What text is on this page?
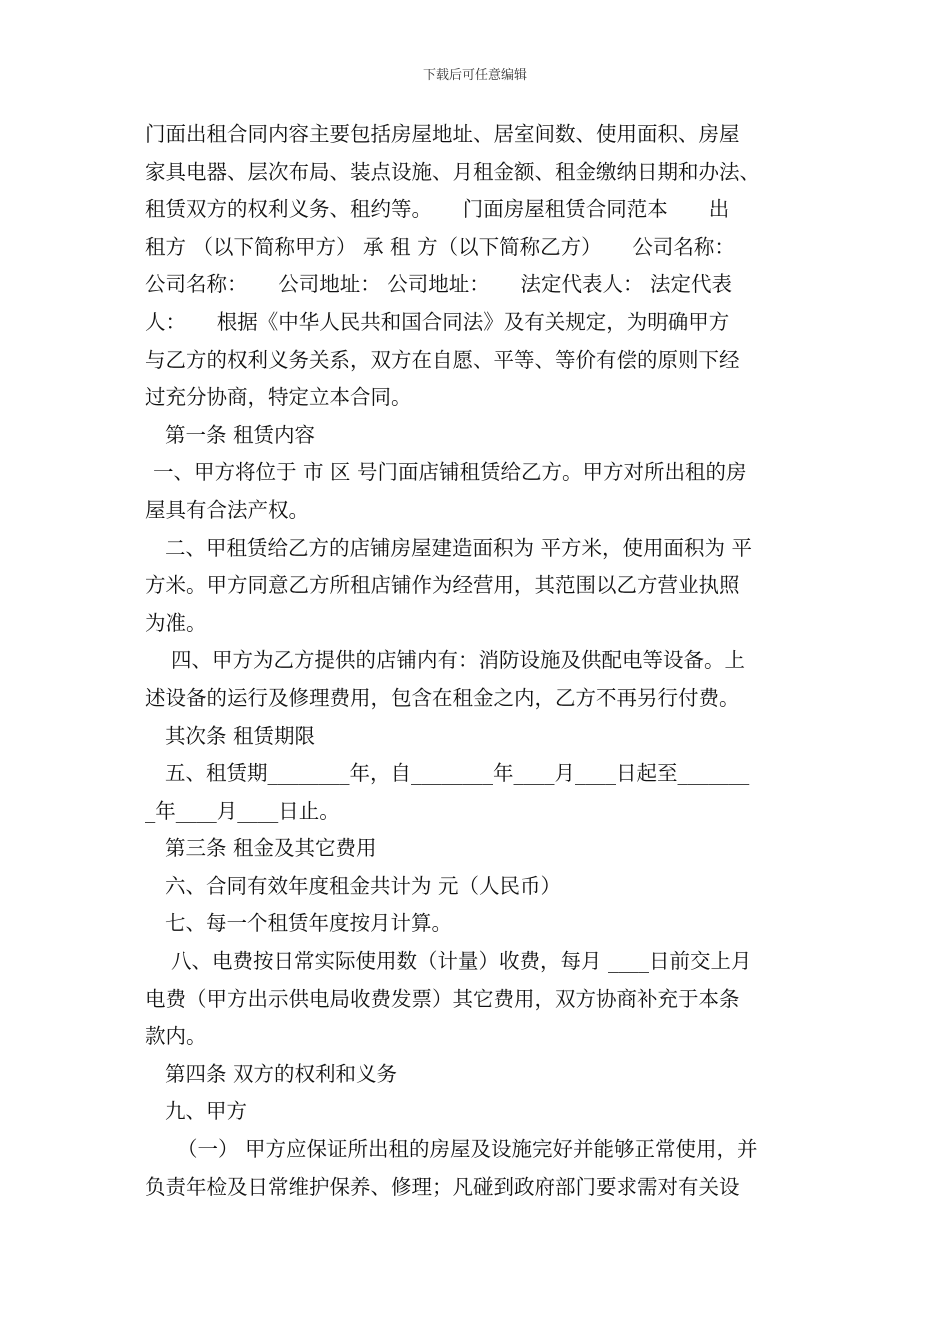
下载后可任意编辑
门面出租合同内容主要包括房屋地址、居室间数、使用面积、房屋
家具电器、层次布局、装点设施、月租金额、租金缴纳日期和办法、
租赁双方的权利义务、租约等。　　门面房屋租赁合同范本　　出
租方 （以下简称甲方） 承 租 方（以下简称乙方）　　公司名称：
公司名称：　　公司地址： 公司地址：　　法定代表人： 法定代表
人：　　根据《中华人民共和国合同法》及有关规定，为明确甲方
与乙方的权利义务关系，双方在自愿、平等、等价有偿的原则下经
过充分协商，特定立本合同。
第一条 租赁内容
一、甲方将位于 市 区 号门面店铺租赁给乙方。甲方对所出租的房
屋具有合法产权。
二、甲租赁给乙方的店铺房屋建造面积为 平方米，使用面积为 平
方米。甲方同意乙方所租店铺作为经营用，其范围以乙方营业执照
为准。
四、甲方为乙方提供的店铺内有：消防设施及供配电等设备。上
述设备的运行及修理费用，包含在租金之内，乙方不再另行付费。
其次条 租赁期限
五、租赁期________年，自________年____月____日起至_______
_年____月____日止。
第三条 租金及其它费用
六、合同有效年度租金共计为 元（人民币）
七、每一个租赁年度按月计算。
八、电费按日常实际使用数（计量）收费，每月 ____日前交上月
电费（甲方出示供电局收费发票）其它费用，双方协商补充于本条
款内。
第四条 双方的权利和义务
九、甲方
（一） 甲方应保证所出租的房屋及设施完好并能够正常使用，并
负责年检及日常维护保养、修理；凡碰到政府部门要求需对有关设
